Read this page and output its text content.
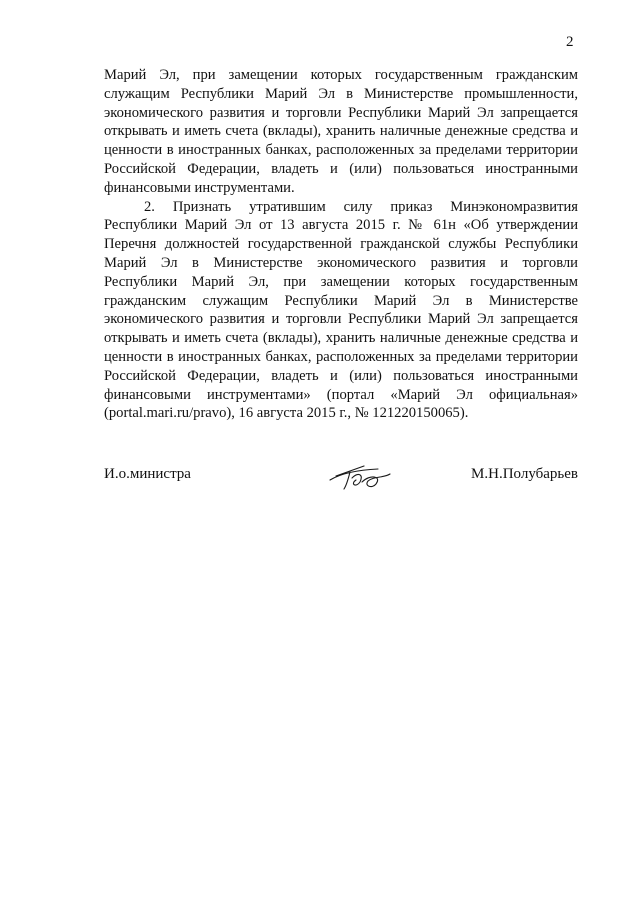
2

Марий Эл, при замещении которых государственным гражданским служащим Республики Марий Эл в Министерстве промышленности, экономического развития и торговли Республики Марий Эл запрещается открывать и иметь счета (вклады), хранить наличные денежные средства и ценности в иностранных банках, расположенных за пределами территории Российской Федерации, владеть и (или) пользоваться иностранными финансовыми инструментами.

2. Признать утратившим силу приказ Минэкономразвития Республики Марий Эл от 13 августа 2015 г. № 61н «Об утверждении Перечня должностей государственной гражданской службы Республики Марий Эл в Министерстве экономического развития и торговли Республики Марий Эл, при замещении которых государственным гражданским служащим Республики Марий Эл в Министерстве экономического развития и торговли Республики Марий Эл запрещается открывать и иметь счета (вклады), хранить наличные денежные средства и ценности в иностранных банках, расположенных за пределами территории Российской Федерации, владеть и (или) пользоваться иностранными финансовыми инструментами» (портал «Марий Эл официальная» (portal.mari.ru/pravo), 16 августа 2015 г., № 121220150065).

И.о.министра	М.Н.Полубарьев
